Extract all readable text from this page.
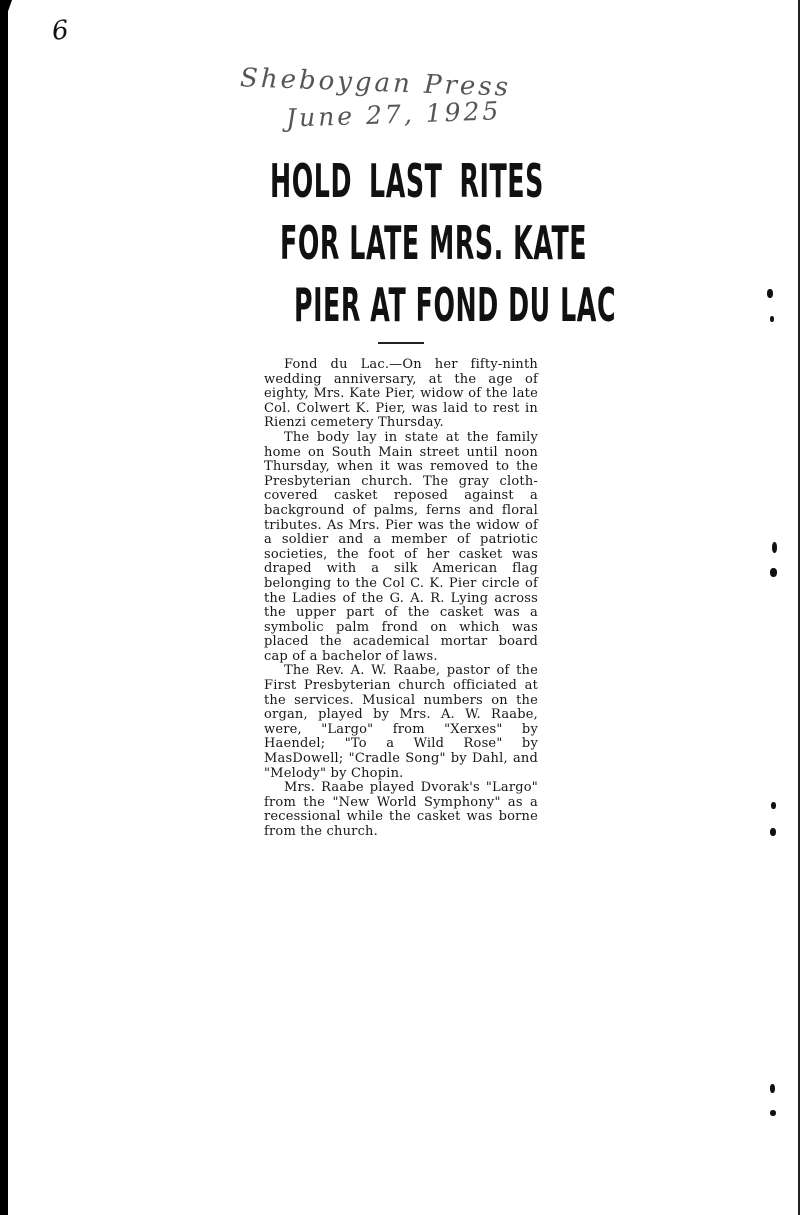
6
Sheboygan Press
June 27, 1925
HOLD LAST RITES
FOR LATE MRS. KATE
PIER AT FOND DU LAC

Fond du Lac.—On her fifty-ninth wedding anniversary, at the age of eighty, Mrs. Kate Pier, widow of the late Col. Colwert K. Pier, was laid to rest in Rienzi cemetery Thursday.

The body lay in state at the family home on South Main street until noon Thursday, when it was removed to the Presbyterian church. The gray cloth-covered casket reposed against a background of palms, ferns and floral tributes. As Mrs. Pier was the widow of a soldier and a member of patriotic societies, the foot of her casket was draped with a silk American flag belonging to the Col C. K. Pier circle of the Ladies of the G. A. R. Lying across the upper part of the casket was a symbolic palm frond on which was placed the academical mortar board cap of a bachelor of laws.

The Rev. A. W. Raabe, pastor of the First Presbyterian church officiated at the services. Musical numbers on the organ, played by Mrs. A. W. Raabe, were, "Largo" from "Xerxes" by Haendel; "To a Wild Rose" by MasDowell; "Cradle Song" by Dahl, and "Melody" by Chopin.

Mrs. Raabe played Dvorak's "Largo" from the "New World Symphony" as a recessional while the casket was borne from the church.
